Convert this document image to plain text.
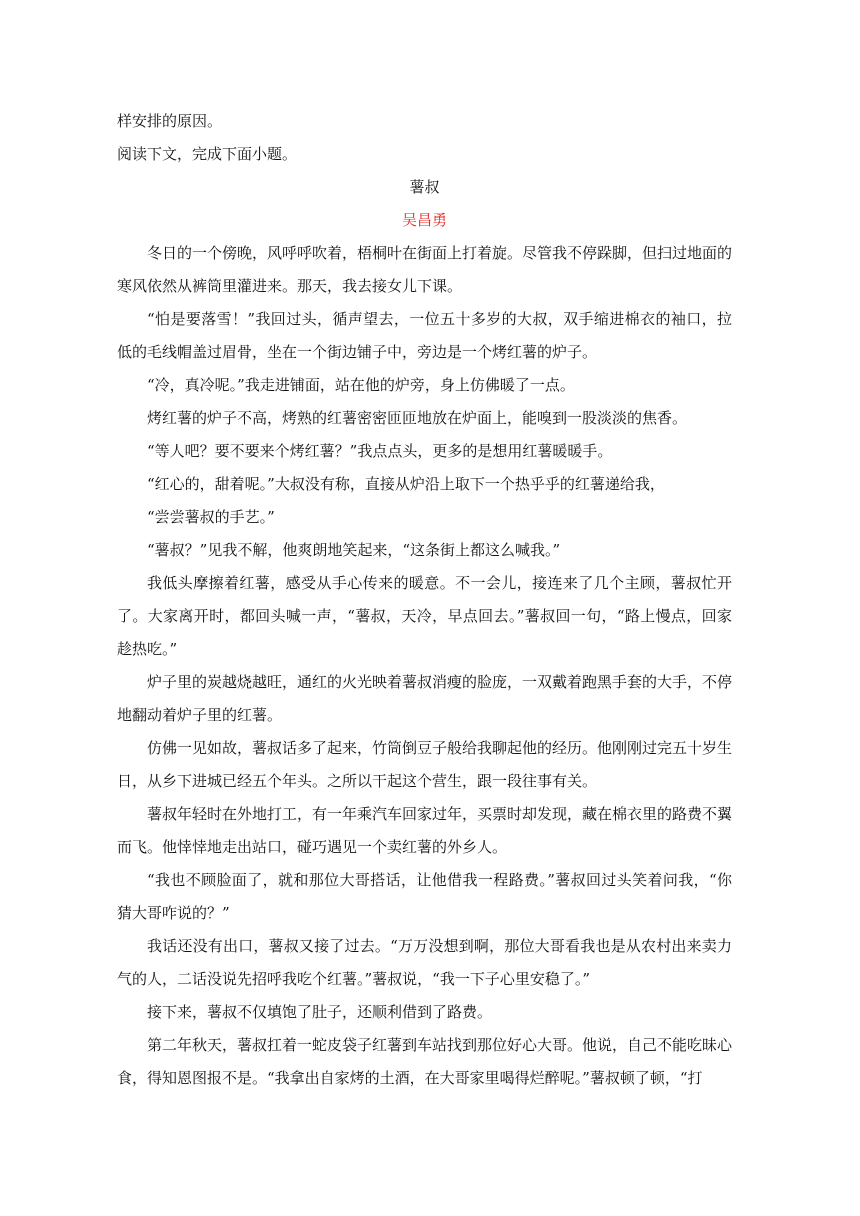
样安排的原因。

阅读下文，完成下面小题。

薯叔

吴昌勇

冬日的一个傍晚，风呼呼吹着，梧桐叶在街面上打着旋。尽管我不停跺脚，但扫过地面的寒风依然从裤筒里灌进来。那天，我去接女儿下课。

“怕是要落雪！”我回过头，循声望去，一位五十多岁的大叔，双手缩进棉衣的袖口，拉低的毛线帽盖过眉骨，坐在一个街边铺子中，旁边是一个烤红薯的炉子。

“冷，真冷呢。”我走进铺面，站在他的炉旁，身上仿佛暖了一点。

烤红薯的炉子不高，烤熟的红薯密密匝匝地放在炉面上，能嗅到一股淡淡的焦香。

“等人吧？要不要来个烤红薯？”我点点头，更多的是想用红薯暖暖手。

“红心的，甜着呢。”大叔没有称，直接从炉沿上取下一个热乎乎的红薯递给我，

“尝尝薯叔的手艺。”

“薯叔？”见我不解，他爽朗地笑起来，“这条街上都这么喊我。”

我低头摩擦着红薯，感受从手心传来的暖意。不一会儿，接连来了几个主顾，薯叔忙开了。大家离开时，都回头喊一声，“薯叔，天冷，早点回去。”薯叔回一句，“路上慢点，回家趁热吃。”

炉子里的炭越烧越旺，通红的火光映着薯叔消瘦的脸庞，一双戴着跑黑手套的大手，不停地翻动着炉子里的红薯。

仿佛一见如故，薯叔话多了起来，竹筒倒豆子般给我聊起他的经历。他刚刚过完五十岁生日，从乡下进城已经五个年头。之所以干起这个营生，跟一段往事有关。

薯叔年轻时在外地打工，有一年乘汽车回家过年，买票时却发现，藏在棉衣里的路费不翼而飞。他悻悻地走出站口，碰巧遇见一个卖红薯的外乡人。

“我也不顾脸面了，就和那位大哥搭话，让他借我一程路费。”薯叔回过头笑着问我，“你猜大哥咋说的？”

我话还没有出口，薯叔又接了过去。“万万没想到啊，那位大哥看我也是从农村出来卖力气的人，二话没说先招呼我吃个红薯。”薯叔说，“我一下子心里安稳了。”

接下来，薯叔不仅填饱了肚子，还顺利借到了路费。

第二年秋天，薯叔扛着一蛇皮袋子红薯到车站找到那位好心大哥。他说，自己不能吃昧心食，得知恩图报不是。“我拿出自家烤的土酒，在大哥家里喝得烂醉呢。”薯叔顿了顿，“打
